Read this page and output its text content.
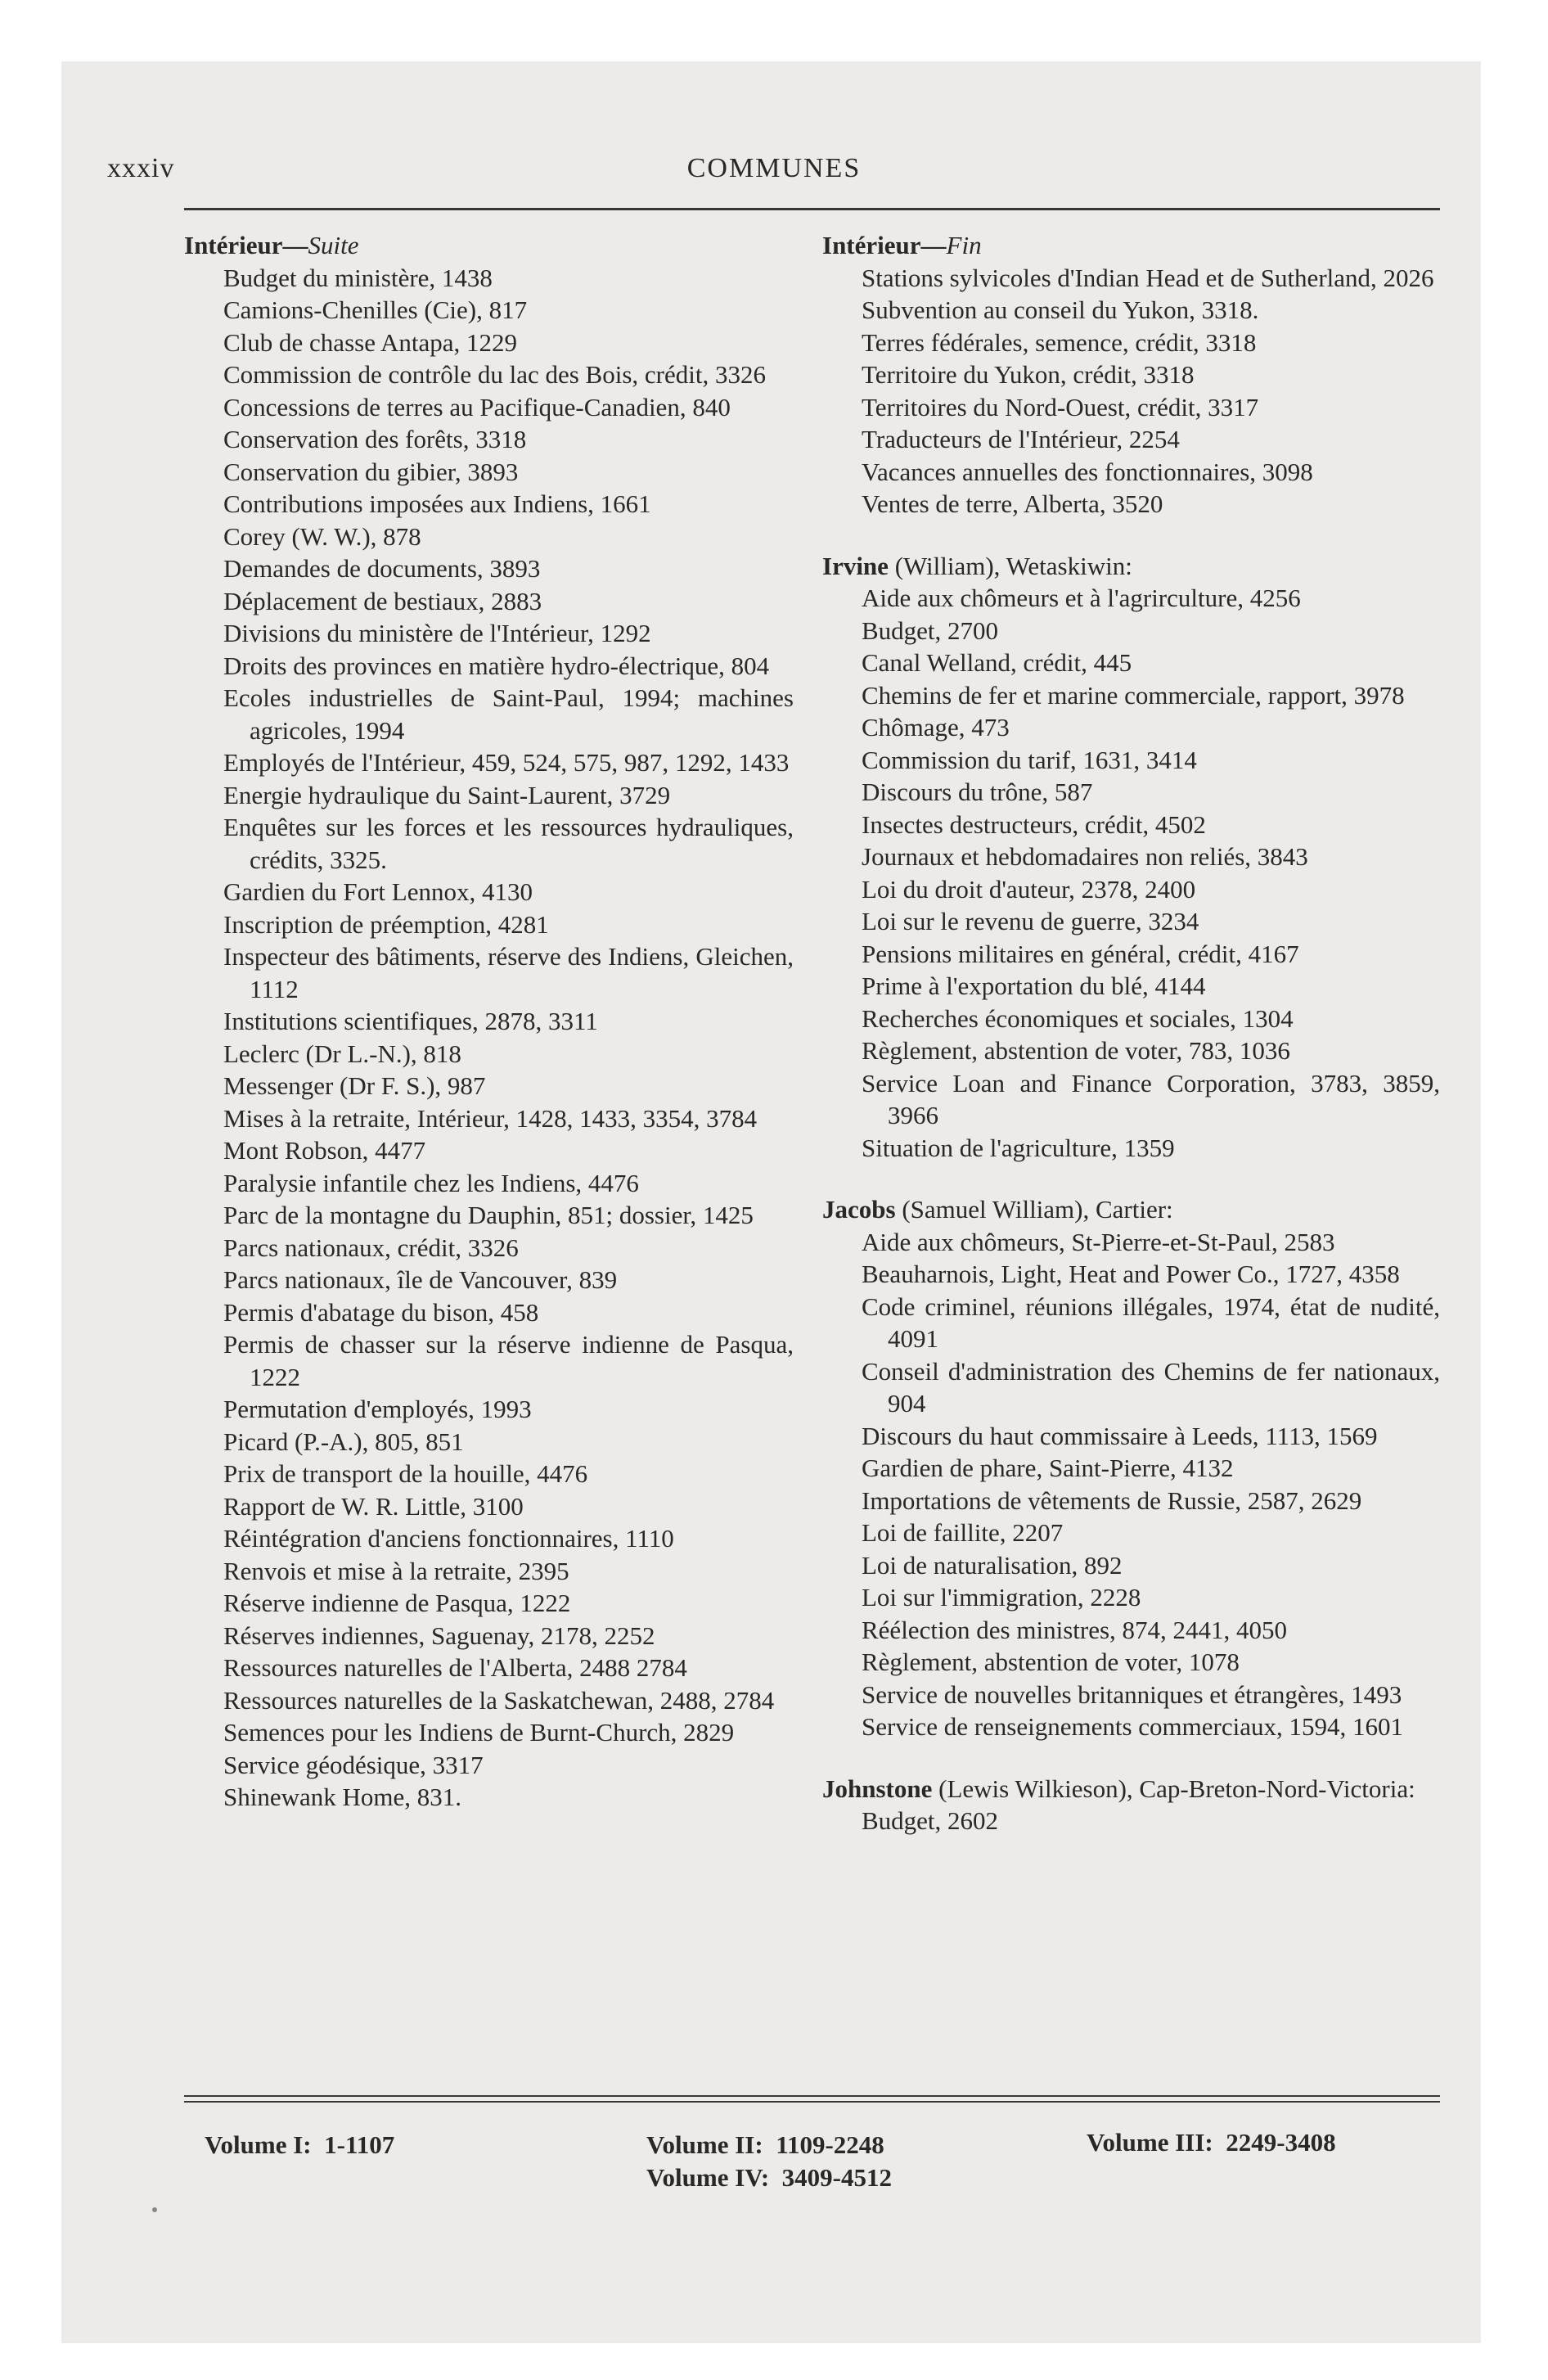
xxxiv	COMMUNES

Intérieur—Suite

Budget du ministère, 1438

Camions-Chenilles (Cie), 817

Club de chasse Antapa, 1229

Commission de contrôle du lac des Bois, crédit, 3326

Concessions de terres au Pacifique-Canadien, 840

Conservation des forêts, 3318

Conservation du gibier, 3893

Contributions imposées aux Indiens, 1661

Corey (W. W.), 878

Demandes de documents, 3893

Déplacement de bestiaux, 2883

Divisions du ministère de l'Intérieur, 1292

Droits des provinces en matière hydro-électrique, 804

Ecoles industrielles de Saint-Paul, 1994; machines agricoles, 1994

Employés de l'Intérieur, 459, 524, 575, 987, 1292, 1433

Energie hydraulique du Saint-Laurent, 3729

Enquêtes sur les forces et les ressources hydrauliques, crédits, 3325.

Gardien du Fort Lennox, 4130

Inscription de préemption, 4281

Inspecteur des bâtiments, réserve des Indiens, Gleichen, 1112

Institutions scientifiques, 2878, 3311

Leclerc (Dr L.-N.), 818

Messenger (Dr F. S.), 987

Mises à la retraite, Intérieur, 1428, 1433, 3354, 3784

Mont Robson, 4477

Paralysie infantile chez les Indiens, 4476

Parc de la montagne du Dauphin, 851; dossier, 1425

Parcs nationaux, crédit, 3326

Parcs nationaux, île de Vancouver, 839

Permis d'abatage du bison, 458

Permis de chasser sur la réserve indienne de Pasqua, 1222

Permutation d'employés, 1993

Picard (P.-A.), 805, 851

Prix de transport de la houille, 4476

Rapport de W. R. Little, 3100

Réintégration d'anciens fonctionnaires, 1110

Renvois et mise à la retraite, 2395

Réserve indienne de Pasqua, 1222

Réserves indiennes, Saguenay, 2178, 2252

Ressources naturelles de l'Alberta, 2488 2784

Ressources naturelles de la Saskatchewan, 2488, 2784

Semences pour les Indiens de Burnt-Church, 2829

Service géodésique, 3317

Shinewank Home, 831.

Intérieur—Fin

Stations sylvicoles d'Indian Head et de Sutherland, 2026

Subvention au conseil du Yukon, 3318.

Terres fédérales, semence, crédit, 3318

Territoire du Yukon, crédit, 3318

Territoires du Nord-Ouest, crédit, 3317

Traducteurs de l'Intérieur, 2254

Vacances annuelles des fonctionnaires, 3098

Ventes de terre, Alberta, 3520

Irvine (William), Wetaskiwin:

Aide aux chômeurs et à l'agrirculture, 4256

Budget, 2700

Canal Welland, crédit, 445

Chemins de fer et marine commerciale, rapport, 3978

Chômage, 473

Commission du tarif, 1631, 3414

Discours du trône, 587

Insectes destructeurs, crédit, 4502

Journaux et hebdomadaires non reliés, 3843

Loi du droit d'auteur, 2378, 2400

Loi sur le revenu de guerre, 3234

Pensions militaires en général, crédit, 4167

Prime à l'exportation du blé, 4144

Recherches économiques et sociales, 1304

Règlement, abstention de voter, 783, 1036

Service Loan and Finance Corporation, 3783, 3859, 3966

Situation de l'agriculture, 1359

Jacobs (Samuel William), Cartier:

Aide aux chômeurs, St-Pierre-et-St-Paul, 2583

Beauharnois, Light, Heat and Power Co., 1727, 4358

Code criminel, réunions illégales, 1974, état de nudité, 4091

Conseil d'administration des Chemins de fer nationaux, 904

Discours du haut commissaire à Leeds, 1113, 1569

Gardien de phare, Saint-Pierre, 4132

Importations de vêtements de Russie, 2587, 2629

Loi de faillite, 2207

Loi de naturalisation, 892

Loi sur l'immigration, 2228

Réélection des ministres, 874, 2441, 4050

Règlement, abstention de voter, 1078

Service de nouvelles britanniques et étrangères, 1493

Service de renseignements commerciaux, 1594, 1601

Johnstone (Lewis Wilkieson), Cap-Breton-Nord-Victoria:

Budget, 2602

Volume I: 1-1107	Volume II: 1109-2248	Volume III: 2249-3408
Volume IV: 3409-4512
